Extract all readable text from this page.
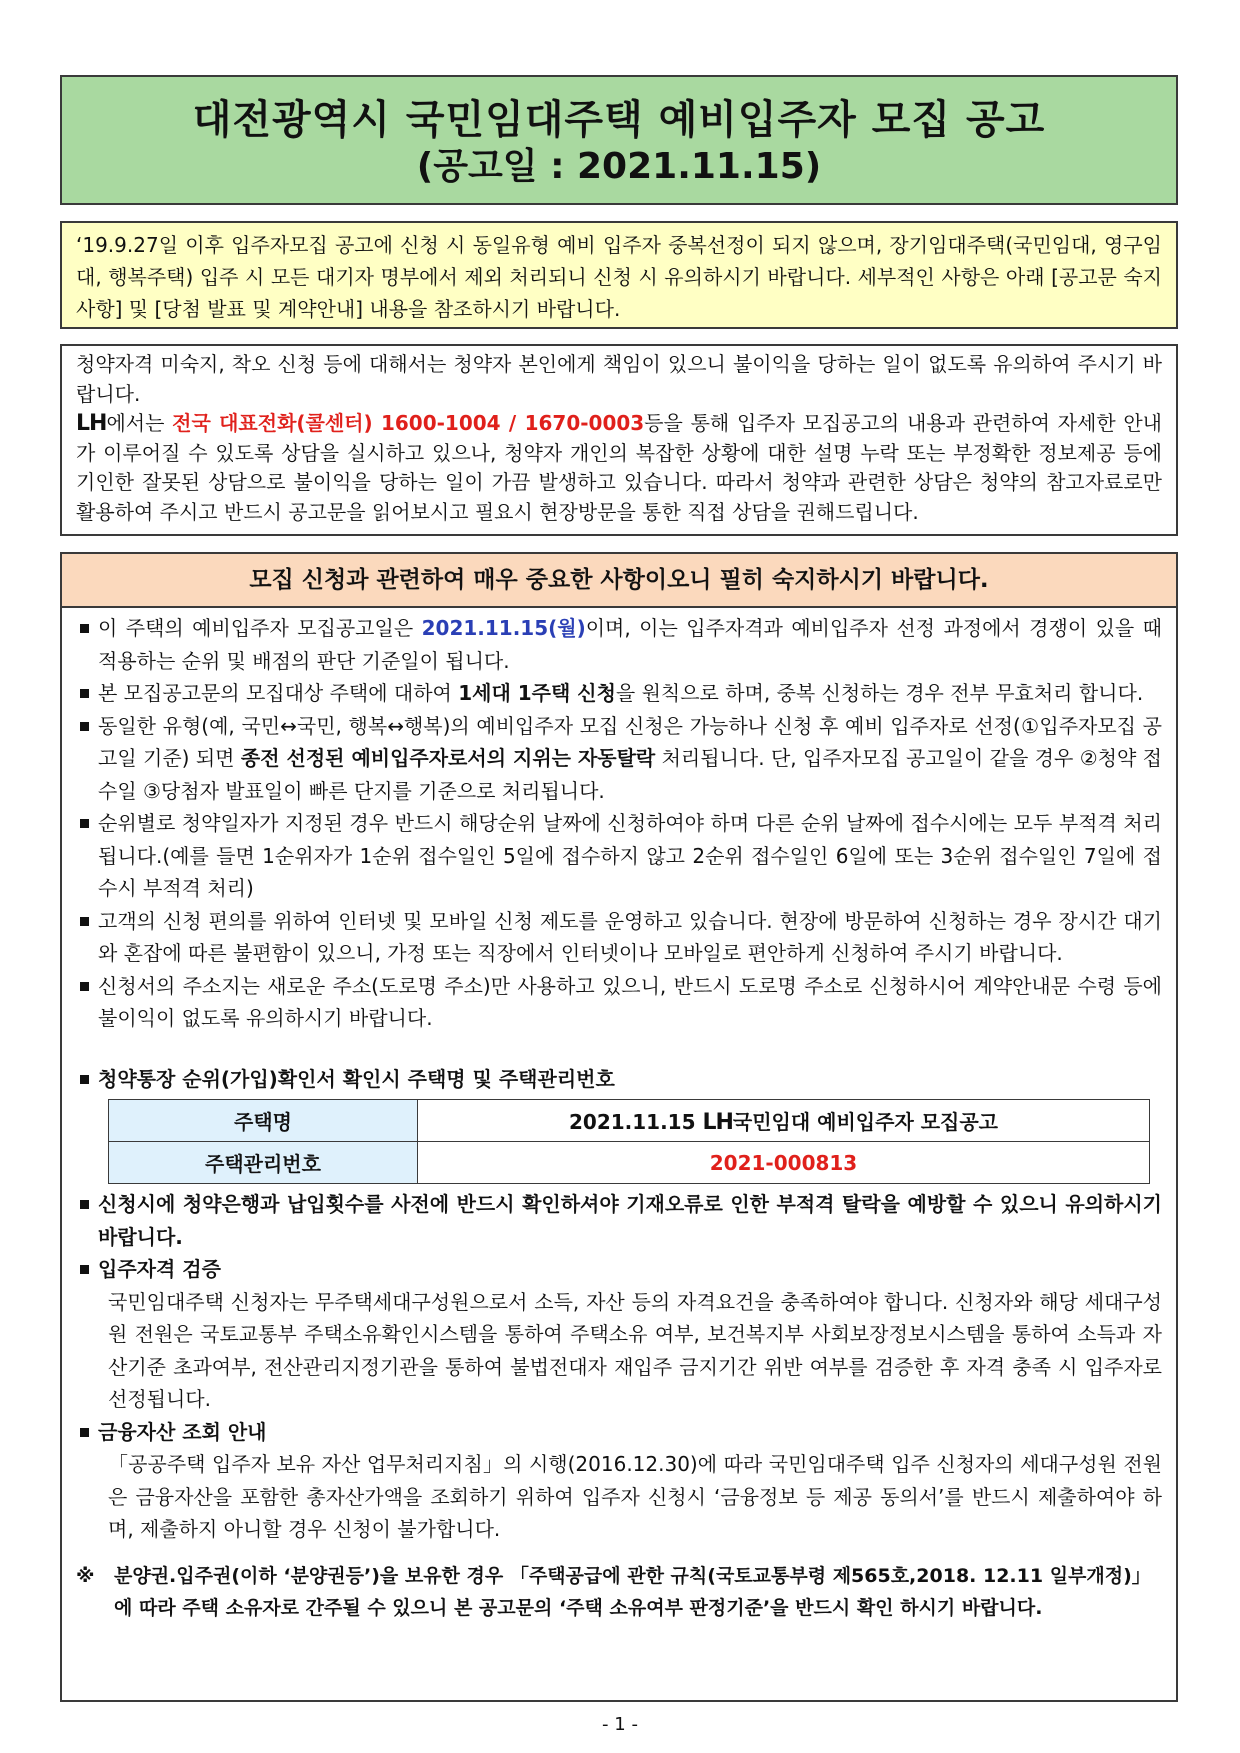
대전광역시 국민임대주택 예비입주자 모집 공고
(공고일 : 2021.11.15)
‘19.9.27일 이후 입주자모집 공고에 신청 시 동일유형 예비 입주자 중복선정이 되지 않으며, 장기임대주택(국민임대, 영구임대, 행복주택) 입주 시 모든 대기자 명부에서 제외 처리되니 신청 시 유의하시기 바랍니다. 세부적인 사항은 아래 [공고문 숙지사항] 및 [당첨 발표 및 계약안내] 내용을 참조하시기 바랍니다.

청약자격 미숙지, 착오 신청 등에 대해서는 청약자 본인에게 책임이 있으니 불이익을 당하는 일이 없도록 유의하여 주시기 바랍니다.

LH에서는 전국 대표전화(콜센터) 1600-1004 / 1670-0003등을 통해 입주자 모집공고의 내용과 관련하여 자세한 안내가 이루어질 수 있도록 상담을 실시하고 있으나, 청약자 개인의 복잡한 상황에 대한 설명 누락 또는 부정확한 정보제공 등에 기인한 잘못된 상담으로 불이익을 당하는 일이 가끔 발생하고 있습니다. 따라서 청약과 관련한 상담은 청약의 참고자료로만 활용하여 주시고 반드시 공고문을 읽어보시고 필요시 현장방문을 통한 직접 상담을 권해드립니다.

모집 신청과 관련하여 매우 중요한 사항이오니 필히 숙지하시기 바랍니다.
이 주택의 예비입주자 모집공고일은 2021.11.15(월)이며, 이는 입주자격과 예비입주자 선정 과정에서 경쟁이 있을 때 적용하는 순위 및 배점의 판단 기준일이 됩니다.
본 모집공고문의 모집대상 주택에 대하여 1세대 1주택 신청을 원칙으로 하며, 중복 신청하는 경우 전부 무효처리 합니다.
동일한 유형(예, 국민↔국민, 행복↔행복)의 예비입주자 모집 신청은 가능하나 신청 후 예비 입주자로 선정(①입주자모집 공고일 기준) 되면 종전 선정된 예비입주자로서의 지위는 자동탈락 처리됩니다. 단, 입주자모집 공고일이 같을 경우 ②청약 접수일 ③당첨자 발표일이 빠른 단지를 기준으로 처리됩니다.
순위별로 청약일자가 지정된 경우 반드시 해당순위 날짜에 신청하여야 하며 다른 순위 날짜에 접수시에는 모두 부적격 처리됩니다.(예를 들면 1순위자가 1순위 접수일인 5일에 접수하지 않고 2순위 접수일인 6일에 또는 3순위 접수일인 7일에 접수시 부적격 처리)
고객의 신청 편의를 위하여 인터넷 및 모바일 신청 제도를 운영하고 있습니다. 현장에 방문하여 신청하는 경우 장시간 대기와 혼잡에 따른 불편함이 있으니, 가정 또는 직장에서 인터넷이나 모바일로 편안하게 신청하여 주시기 바랍니다.
신청서의 주소지는 새로운 주소(도로명 주소)만 사용하고 있으니, 반드시 도로명 주소로 신청하시어 계약안내문 수령 등에 불이익이 없도록 유의하시기 바랍니다.
청약통장 순위(가입)확인서 확인시 주택명 및 주택관리번호
주택명	2021.11.15 LH국민임대 예비입주자 모집공고
주택관리번호	2021-000813
신청시에 청약은행과 납입횟수를 사전에 반드시 확인하셔야 기재오류로 인한 부적격 탈락을 예방할 수 있으니 유의하시기 바랍니다.
입주자격 검증
국민임대주택 신청자는 무주택세대구성원으로서 소득, 자산 등의 자격요건을 충족하여야 합니다. 신청자와 해당 세대구성원 전원은 국토교통부 주택소유확인시스템을 통하여 주택소유 여부, 보건복지부 사회보장정보시스템을 통하여 소득과 자산기준 초과여부, 전산관리지정기관을 통하여 불법전대자 재입주 금지기간 위반 여부를 검증한 후 자격 충족 시 입주자로 선정됩니다.
금융자산 조회 안내
「공공주택 입주자 보유 자산 업무처리지침」의 시행(2016.12.30)에 따라 국민임대주택 입주 신청자의 세대구성원 전원은 금융자산을 포함한 총자산가액을 조회하기 위하여 입주자 신청시 ‘금융정보 등 제공 동의서’를 반드시 제출하여야 하며, 제출하지 아니할 경우 신청이 불가합니다.
※ 분양권.입주권(이하 ‘분양권등’)을 보유한 경우 「주택공급에 관한 규칙(국토교통부령 제565호,2018. 12.11 일부개정)」에 따라 주택 소유자로 간주될 수 있으니 본 공고문의 ‘주택 소유여부 판정기준’을 반드시 확인 하시기 바랍니다.
- 1 -
